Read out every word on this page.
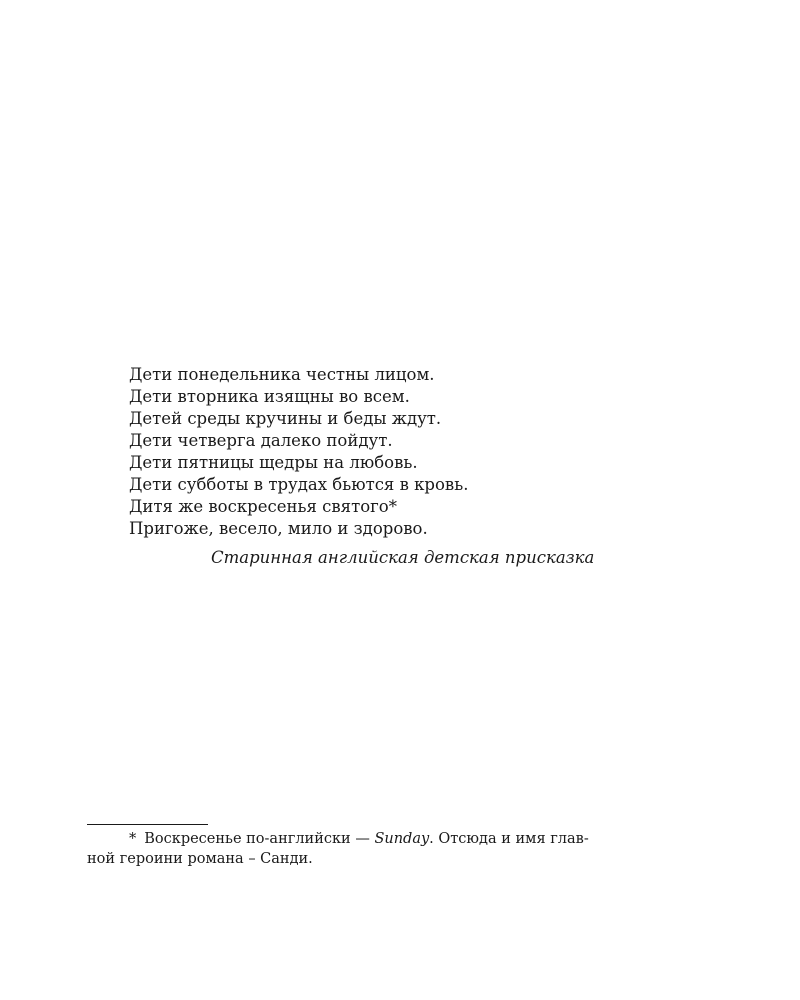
Дети понедельника честны лицом.
Дети вторника изящны во всем.
Детей среды кручины и беды ждут.
Дети четверга далеко пойдут.
Дети пятницы щедры на любовь.
Дети субботы в трудах бьются в кровь.
Дитя же воскресенья святого*
Пригоже, весело, мило и здорово.
Старинная английская детская присказка
* Воскресенье по-английски — Sunday. Отсюда и имя глав-
ной героини романа – Санди.
